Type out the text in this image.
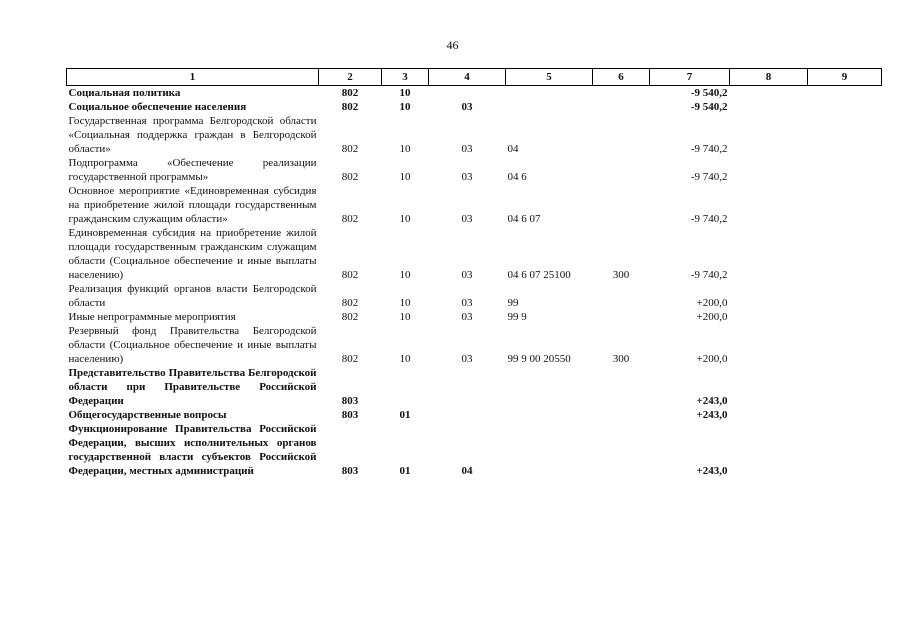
46
1	2	3	4	5	6	7	8	9
Социальная политика	802	10				-9 540,2		
Социальное обеспечение населения	802	10	03			-9 540,2		
Государственная программа Белгородской области «Социальная поддержка граждан в Белгородской области»	802	10	03	04		-9 740,2		
Подпрограмма «Обеспечение реализации государственной программы»	802	10	03	04 6		-9 740,2		
Основное мероприятие «Единовременная субсидия на приобретение жилой площади государственным гражданским служащим области»	802	10	03	04 6 07		-9 740,2		
Единовременная субсидия на приобретение жилой площади государственным гражданским служащим области (Социальное обеспечение и иные выплаты населению)	802	10	03	04 6 07 25100	300	-9 740,2		
Реализация функций органов власти Белгородской области	802	10	03	99		+200,0		
Иные непрограммные мероприятия	802	10	03	99 9		+200,0		
Резервный фонд Правительства Белгородской области (Социальное обеспечение и иные выплаты населению)	802	10	03	99 9 00 20550	300	+200,0		
Представительство Правительства Белгородской области при Правительстве Российской Федерации	803					+243,0		
Общегосударственные вопросы	803	01				+243,0		
Функционирование Правительства Российской Федерации, высших исполнительных органов государственной власти субъектов Российской Федерации, местных администраций	803	01	04			+243,0		
